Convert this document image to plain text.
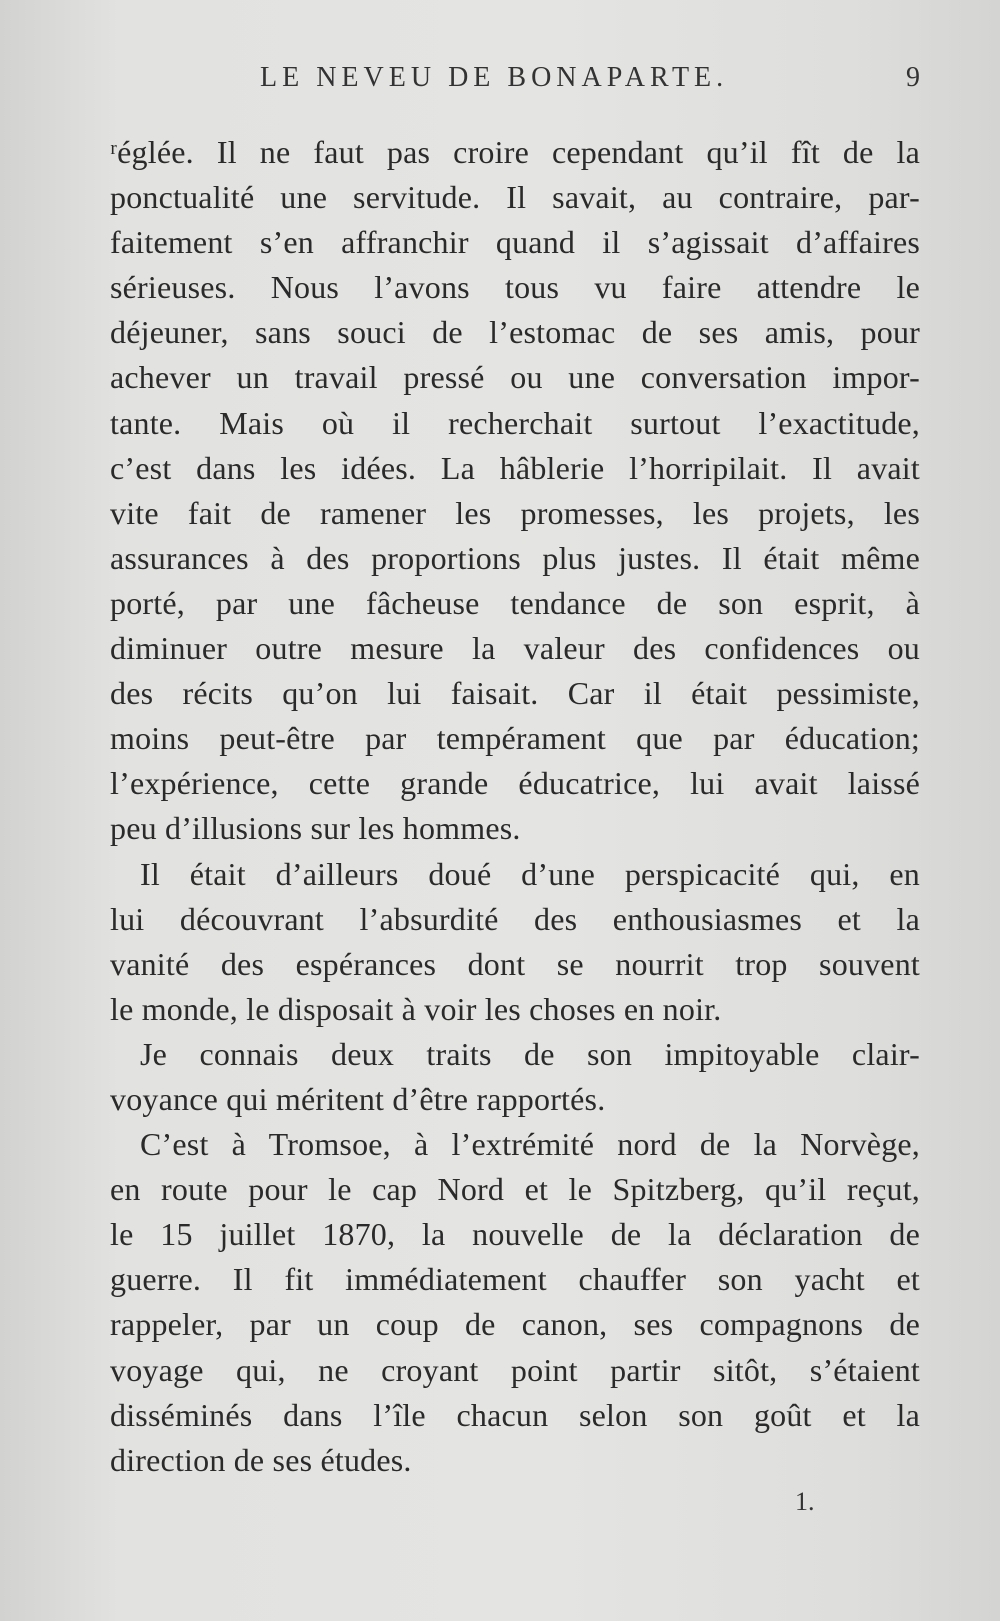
LE NEVEU DE BONAPARTE.	9
ʳéglée. Il ne faut pas croire cependant qu’il fît de la
ponctualité une servitude. Il savait, au contraire, par-
faitement s’en affranchir quand il s’agissait d’affaires
sérieuses. Nous l’avons tous vu faire attendre le
déjeuner, sans souci de l’estomac de ses amis, pour
achever un travail pressé ou une conversation impor-
tante. Mais où il recherchait surtout l’exactitude,
c’est dans les idées. La hâblerie l’horripilait. Il avait
vite fait de ramener les promesses, les projets, les
assurances à des proportions plus justes. Il était même
porté, par une fâcheuse tendance de son esprit, à
diminuer outre mesure la valeur des confidences ou
des récits qu’on lui faisait. Car il était pessimiste,
moins peut-être par tempérament que par éducation;
l’expérience, cette grande éducatrice, lui avait laissé
peu d’illusions sur les hommes.
Il était d’ailleurs doué d’une perspicacité qui, en
lui découvrant l’absurdité des enthousiasmes et la
vanité des espérances dont se nourrit trop souvent
le monde, le disposait à voir les choses en noir.
Je connais deux traits de son impitoyable clair-
voyance qui méritent d’être rapportés.
C’est à Tromsoe, à l’extrémité nord de la Norvège,
en route pour le cap Nord et le Spitzberg, qu’il reçut,
le 15 juillet 1870, la nouvelle de la déclaration de
guerre. Il fit immédiatement chauffer son yacht et
rappeler, par un coup de canon, ses compagnons de
voyage qui, ne croyant point partir sitôt, s’étaient
disséminés dans l’île chacun selon son goût et la
direction de ses études.
1.
